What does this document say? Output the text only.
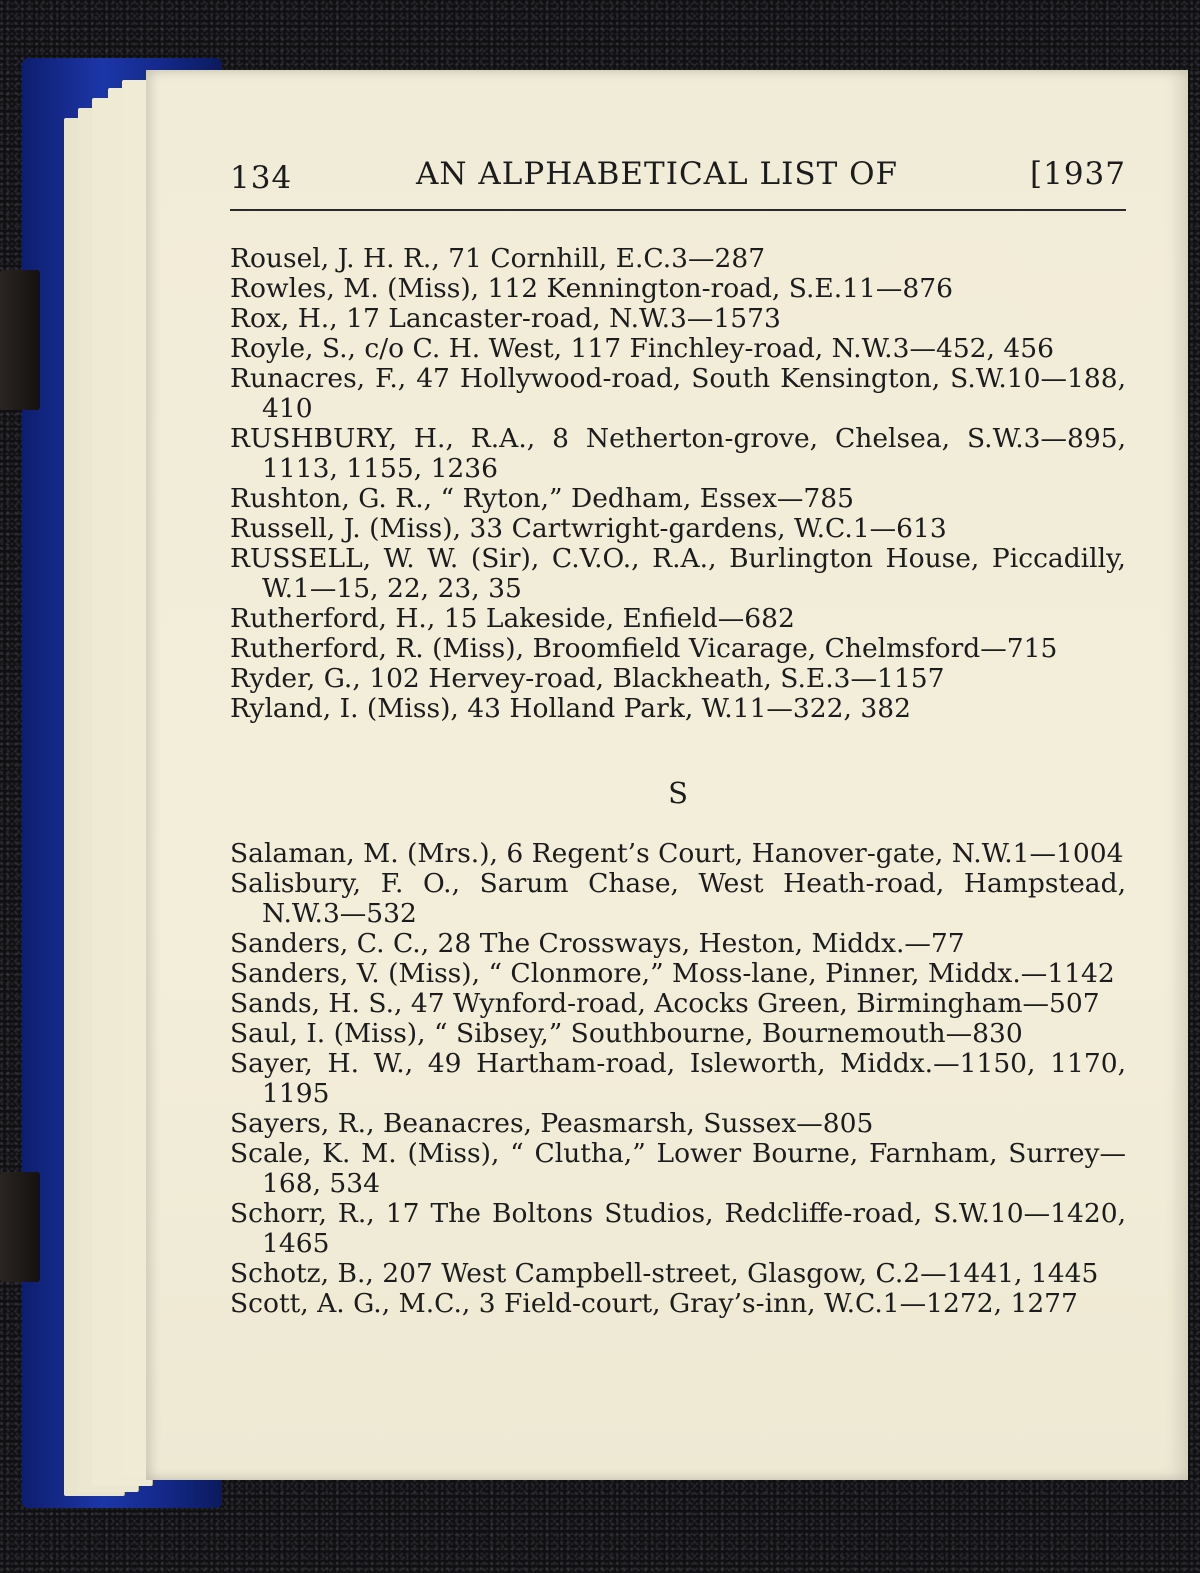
134	AN ALPHABETICAL LIST OF	[1937
Rousel, J. H. R., 71 Cornhill, E.C.3—287
Rowles, M. (Miss), 112 Kennington-road, S.E.11—876
Rox, H., 17 Lancaster-road, N.W.3—1573
Royle, S., c/o C. H. West, 117 Finchley-road, N.W.3—452, 456
Runacres, F., 47 Hollywood-road, South Kensington, S.W.10—188, 410
RUSHBURY, H., R.A., 8 Netherton-grove, Chelsea, S.W.3—895, 1113, 1155, 1236
Rushton, G. R., “ Ryton,” Dedham, Essex—785
Russell, J. (Miss), 33 Cartwright-gardens, W.C.1—613
RUSSELL, W. W. (Sir), C.V.O., R.A., Burlington House, Piccadilly, W.1—15, 22, 23, 35
Rutherford, H., 15 Lakeside, Enfield—682
Rutherford, R. (Miss), Broomfield Vicarage, Chelmsford—715
Ryder, G., 102 Hervey-road, Blackheath, S.E.3—1157
Ryland, I. (Miss), 43 Holland Park, W.11—322, 382
S
Salaman, M. (Mrs.), 6 Regent’s Court, Hanover-gate, N.W.1—1004
Salisbury, F. O., Sarum Chase, West Heath-road, Hampstead, N.W.3—532
Sanders, C. C., 28 The Crossways, Heston, Middx.—77
Sanders, V. (Miss), “ Clonmore,” Moss-lane, Pinner, Middx.—1142
Sands, H. S., 47 Wynford-road, Acocks Green, Birmingham—507
Saul, I. (Miss), “ Sibsey,” Southbourne, Bournemouth—830
Sayer, H. W., 49 Hartham-road, Isleworth, Middx.—1150, 1170, 1195
Sayers, R., Beanacres, Peasmarsh, Sussex—805
Scale, K. M. (Miss), “ Clutha,” Lower Bourne, Farnham, Surrey—168, 534
Schorr, R., 17 The Boltons Studios, Redcliffe-road, S.W.10—1420, 1465
Schotz, B., 207 West Campbell-street, Glasgow, C.2—1441, 1445
Scott, A. G., M.C., 3 Field-court, Gray’s-inn, W.C.1—1272, 1277
